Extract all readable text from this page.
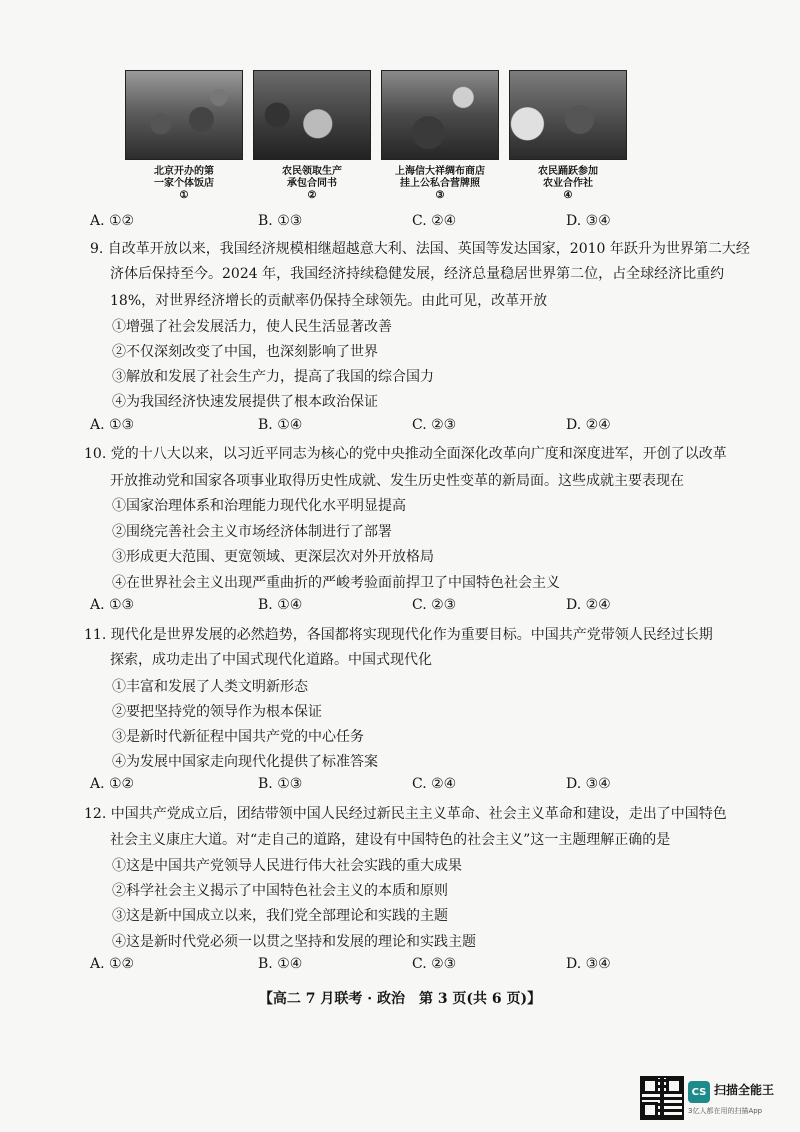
北京开办的第
一家个体饭店
①
农民领取生产
承包合同书
②
上海信大祥绸布商店
挂上公私合营牌照
③
农民踊跃参加
农业合作社
④
A. ①②	B. ①③	C. ②④	D. ③④
9. 自改革开放以来，我国经济规模相继超越意大利、法国、英国等发达国家，2010 年跃升为世界第二大经
济体后保持至今。2024 年，我国经济持续稳健发展，经济总量稳居世界第二位，占全球经济比重约
18%，对世界经济增长的贡献率仍保持全球领先。由此可见，改革开放
①增强了社会发展活力，使人民生活显著改善
②不仅深刻改变了中国，也深刻影响了世界
③解放和发展了社会生产力，提高了我国的综合国力
④为我国经济快速发展提供了根本政治保证
A. ①③	B. ①④	C. ②③	D. ②④
10. 党的十八大以来，以习近平同志为核心的党中央推动全面深化改革向广度和深度进军，开创了以改革
开放推动党和国家各项事业取得历史性成就、发生历史性变革的新局面。这些成就主要表现在
①国家治理体系和治理能力现代化水平明显提高
②围绕完善社会主义市场经济体制进行了部署
③形成更大范围、更宽领域、更深层次对外开放格局
④在世界社会主义出现严重曲折的严峻考验面前捍卫了中国特色社会主义
A. ①③	B. ①④	C. ②③	D. ②④
11. 现代化是世界发展的必然趋势，各国都将实现现代化作为重要目标。中国共产党带领人民经过长期
探索，成功走出了中国式现代化道路。中国式现代化
①丰富和发展了人类文明新形态
②要把坚持党的领导作为根本保证
③是新时代新征程中国共产党的中心任务
④为发展中国家走向现代化提供了标准答案
A. ①②	B. ①③	C. ②④	D. ③④
12. 中国共产党成立后，团结带领中国人民经过新民主主义革命、社会主义革命和建设，走出了中国特色
社会主义康庄大道。对“走自己的道路，建设有中国特色的社会主义”这一主题理解正确的是
①这是中国共产党领导人民进行伟大社会实践的重大成果
②科学社会主义揭示了中国特色社会主义的本质和原则
③这是新中国成立以来，我们党全部理论和实践的主题
④这是新时代党必须一以贯之坚持和发展的理论和实践主题
A. ①②	B. ①④	C. ②③	D. ③④
【高二 7 月联考 · 政治　第 3 页(共 6 页)】
CS 扫描全能王
3亿人都在用的扫描App
